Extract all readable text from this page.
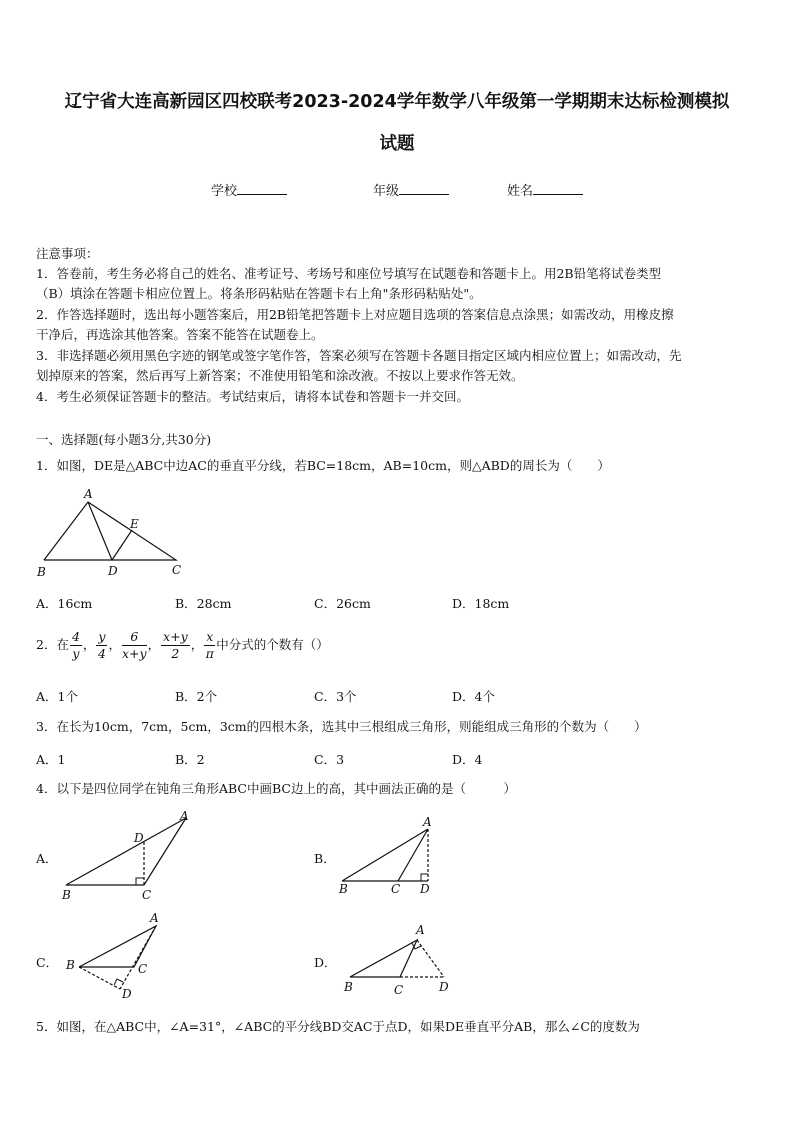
辽宁省大连高新园区四校联考2023-2024学年数学八年级第一学期期末达标检测模拟
试题
学校	年级	姓名
注意事项：
1．答卷前，考生务必将自己的姓名、准考证号、考场号和座位号填写在试题卷和答题卡上。用2B铅笔将试卷类型
（B）填涂在答题卡相应位置上。将条形码粘贴在答题卡右上角"条形码粘贴处"。
2．作答选择题时，选出每小题答案后，用2B铅笔把答题卡上对应题目选项的答案信息点涂黑；如需改动，用橡皮擦
干净后，再选涂其他答案。答案不能答在试题卷上。
3．非选择题必须用黑色字迹的钢笔或签字笔作答，答案必须写在答题卡各题目指定区域内相应位置上；如需改动，先
划掉原来的答案，然后再写上新答案；不准使用铅笔和涂改液。不按以上要求作答无效。
4．考生必须保证答题卡的整洁。考试结束后，请将本试卷和答题卡一并交回。
一、选择题(每小题3分,共30分)
1．如图，DE是△ABC中边AC的垂直平分线，若BC=18cm，AB=10cm，则△ABD的周长为（　　）
A
B	C
D
E
A．16cm	B．28cm	C．26cm	D．18cm
2．在 $\frac{4}{y}$ ， $\frac{y}{4}$ ， $\frac{6}{x+y}$ ， $\frac{x+y}{2}$ ， $\frac{x}{\pi}$ 中分式的个数有（）
A．1个	B．2个	C．3个	D．4个
3．在长为10cm，7cm，5cm，3cm的四根木条，选其中三根组成三角形，则能组成三角形的个数为（　　）
A．1	B．2	C．3	D．4
4．以下是四位同学在钝角三角形ABC中画BC边上的高，其中画法正确的是（　　　）
A．
A
B	C
D
B．
A
B	C D
C．
A
B	C
D
D．
A
B	C	D
5．如图，在△ABC中，∠A=31°，∠ABC的平分线BD交AC于点D，如果DE垂直平分AB，那么∠C的度数为
